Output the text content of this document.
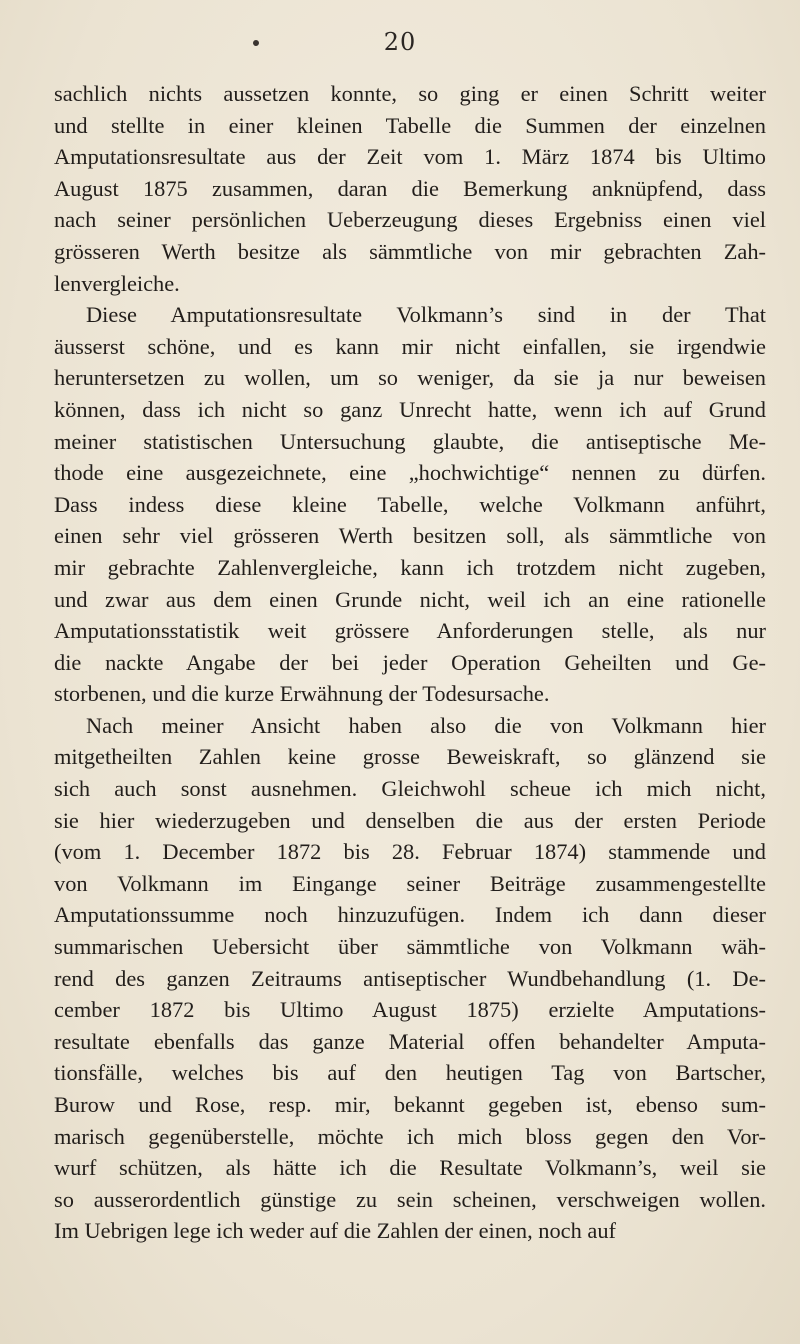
20
sachlich nichts aussetzen konnte, so ging er einen Schritt weiter
und stellte in einer kleinen Tabelle die Summen der einzelnen
Amputationsresultate aus der Zeit vom 1. März 1874 bis Ultimo
August 1875 zusammen, daran die Bemerkung anknüpfend, dass
nach seiner persönlichen Ueberzeugung dieses Ergebniss einen viel
grösseren Werth besitze als sämmtliche von mir gebrachten Zah-
lenvergleiche.
Diese Amputationsresultate Volkmann’s sind in der That
äusserst schöne, und es kann mir nicht einfallen, sie irgendwie
heruntersetzen zu wollen, um so weniger, da sie ja nur beweisen
können, dass ich nicht so ganz Unrecht hatte, wenn ich auf Grund
meiner statistischen Untersuchung glaubte, die antiseptische Me-
thode eine ausgezeichnete, eine „hochwichtige“ nennen zu dürfen.
Dass indess diese kleine Tabelle, welche Volkmann anführt,
einen sehr viel grösseren Werth besitzen soll, als sämmtliche von
mir gebrachte Zahlenvergleiche, kann ich trotzdem nicht zugeben,
und zwar aus dem einen Grunde nicht, weil ich an eine rationelle
Amputationsstatistik weit grössere Anforderungen stelle, als nur
die nackte Angabe der bei jeder Operation Geheilten und Ge-
storbenen, und die kurze Erwähnung der Todesursache.
Nach meiner Ansicht haben also die von Volkmann hier
mitgetheilten Zahlen keine grosse Beweiskraft, so glänzend sie
sich auch sonst ausnehmen. Gleichwohl scheue ich mich nicht,
sie hier wiederzugeben und denselben die aus der ersten Periode
(vom 1. December 1872 bis 28. Februar 1874) stammende und
von Volkmann im Eingange seiner Beiträge zusammengestellte
Amputationssumme noch hinzuzufügen. Indem ich dann dieser
summarischen Uebersicht über sämmtliche von Volkmann wäh-
rend des ganzen Zeitraums antiseptischer Wundbehandlung (1. De-
cember 1872 bis Ultimo August 1875) erzielte Amputations-
resultate ebenfalls das ganze Material offen behandelter Amputa-
tionsfälle, welches bis auf den heutigen Tag von Bartscher,
Burow und Rose, resp. mir, bekannt gegeben ist, ebenso sum-
marisch gegenüberstelle, möchte ich mich bloss gegen den Vor-
wurf schützen, als hätte ich die Resultate Volkmann’s, weil sie
so ausserordentlich günstige zu sein scheinen, verschweigen wollen.
Im Uebrigen lege ich weder auf die Zahlen der einen, noch auf
